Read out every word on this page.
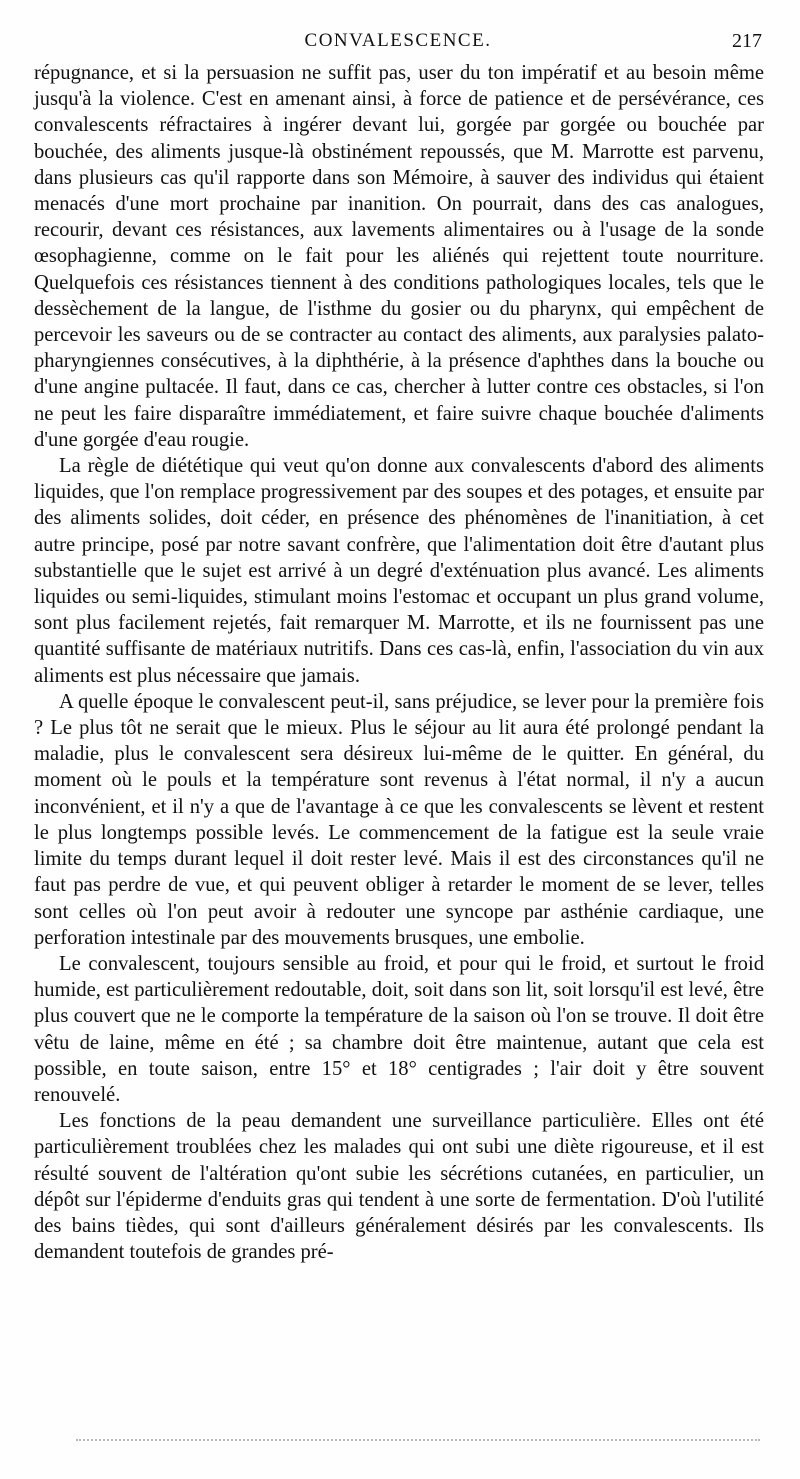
CONVALESCENCE.	217

répugnance, et si la persuasion ne suffit pas, user du ton impératif et au besoin même jusqu'à la violence. C'est en amenant ainsi, à force de patience et de persévérance, ces convalescents réfractaires à ingérer devant lui, gorgée par gorgée ou bouchée par bouchée, des aliments jusque-là obstinément repoussés, que M. Marrotte est parvenu, dans plusieurs cas qu'il rapporte dans son Mémoire, à sauver des individus qui étaient menacés d'une mort prochaine par inanition. On pourrait, dans des cas analogues, recourir, devant ces résistances, aux lavements alimentaires ou à l'usage de la sonde œsophagienne, comme on le fait pour les aliénés qui rejettent toute nourriture. Quelquefois ces résistances tiennent à des conditions pathologiques locales, tels que le dessèchement de la langue, de l'isthme du gosier ou du pharynx, qui empêchent de percevoir les saveurs ou de se contracter au contact des aliments, aux paralysies palato-pharyngiennes consécutives, à la diphthérie, à la présence d'aphthes dans la bouche ou d'une angine pultacée. Il faut, dans ce cas, chercher à lutter contre ces obstacles, si l'on ne peut les faire disparaître immédiatement, et faire suivre chaque bouchée d'aliments d'une gorgée d'eau rougie.

La règle de diététique qui veut qu'on donne aux convalescents d'abord des aliments liquides, que l'on remplace progressivement par des soupes et des potages, et ensuite par des aliments solides, doit céder, en présence des phénomènes de l'inanitiation, à cet autre principe, posé par notre savant confrère, que l'alimentation doit être d'autant plus substantielle que le sujet est arrivé à un degré d'exténuation plus avancé. Les aliments liquides ou semi-liquides, stimulant moins l'estomac et occupant un plus grand volume, sont plus facilement rejetés, fait remarquer M. Marrotte, et ils ne fournissent pas une quantité suffisante de matériaux nutritifs. Dans ces cas-là, enfin, l'association du vin aux aliments est plus nécessaire que jamais.

A quelle époque le convalescent peut-il, sans préjudice, se lever pour la première fois ? Le plus tôt ne serait que le mieux. Plus le séjour au lit aura été prolongé pendant la maladie, plus le convalescent sera désireux lui-même de le quitter. En général, du moment où le pouls et la température sont revenus à l'état normal, il n'y a aucun inconvénient, et il n'y a que de l'avantage à ce que les convalescents se lèvent et restent le plus longtemps possible levés. Le commencement de la fatigue est la seule vraie limite du temps durant lequel il doit rester levé. Mais il est des circonstances qu'il ne faut pas perdre de vue, et qui peuvent obliger à retarder le moment de se lever, telles sont celles où l'on peut avoir à redouter une syncope par asthénie cardiaque, une perforation intestinale par des mouvements brusques, une embolie.

Le convalescent, toujours sensible au froid, et pour qui le froid, et surtout le froid humide, est particulièrement redoutable, doit, soit dans son lit, soit lorsqu'il est levé, être plus couvert que ne le comporte la température de la saison où l'on se trouve. Il doit être vêtu de laine, même en été ; sa chambre doit être maintenue, autant que cela est possible, en toute saison, entre 15° et 18° centigrades ; l'air doit y être souvent renouvelé.

Les fonctions de la peau demandent une surveillance particulière. Elles ont été particulièrement troublées chez les malades qui ont subi une diète rigoureuse, et il est résulté souvent de l'altération qu'ont subie les sécrétions cutanées, en particulier, un dépôt sur l'épiderme d'enduits gras qui tendent à une sorte de fermentation. D'où l'utilité des bains tièdes, qui sont d'ailleurs généralement désirés par les convalescents. Ils demandent toutefois de grandes pré-
